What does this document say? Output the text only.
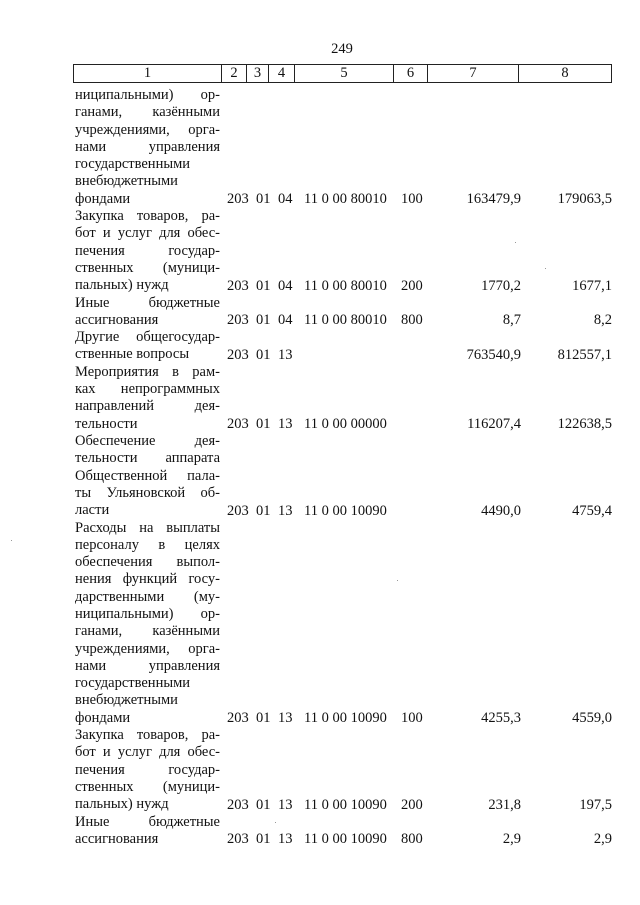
249
1	2	3	4	5	6	7	8
ниципальными) ор-
ганами, казёнными
учреждениями, орга-
нами управления
государственными
внебюджетными
фондами	203 01 04 11 0 00 80010 100	163479,9	179063,5
Закупка товаров, ра-
бот и услуг для обес-
печения государ-
ственных (муници-
пальных) нужд	203 01 04 11 0 00 80010 200	1770,2	1677,1
Иные бюджетные
ассигнования	203 01 04 11 0 00 80010 800	8,7	8,2
Другие общегосудар-
ственные вопросы	203 01 13	763540,9	812557,1
Мероприятия в рам-
ках непрограммных
направлений дея-
тельности	203 01 13 11 0 00 00000	116207,4	122638,5
Обеспечение дея-
тельности аппарата
Общественной пала-
ты Ульяновской об-
ласти	203 01 13 11 0 00 10090	4490,0	4759,4
Расходы на выплаты
персоналу в целях
обеспечения выпол-
нения функций госу-
дарственными (му-
ниципальными) ор-
ганами, казёнными
учреждениями, орга-
нами управления
государственными
внебюджетными
фондами	203 01 13 11 0 00 10090 100	4255,3	4559,0
Закупка товаров, ра-
бот и услуг для обес-
печения государ-
ственных (муници-
пальных) нужд	203 01 13 11 0 00 10090 200	231,8	197,5
Иные бюджетные
ассигнования	203 01 13 11 0 00 10090 800	2,9	2,9
